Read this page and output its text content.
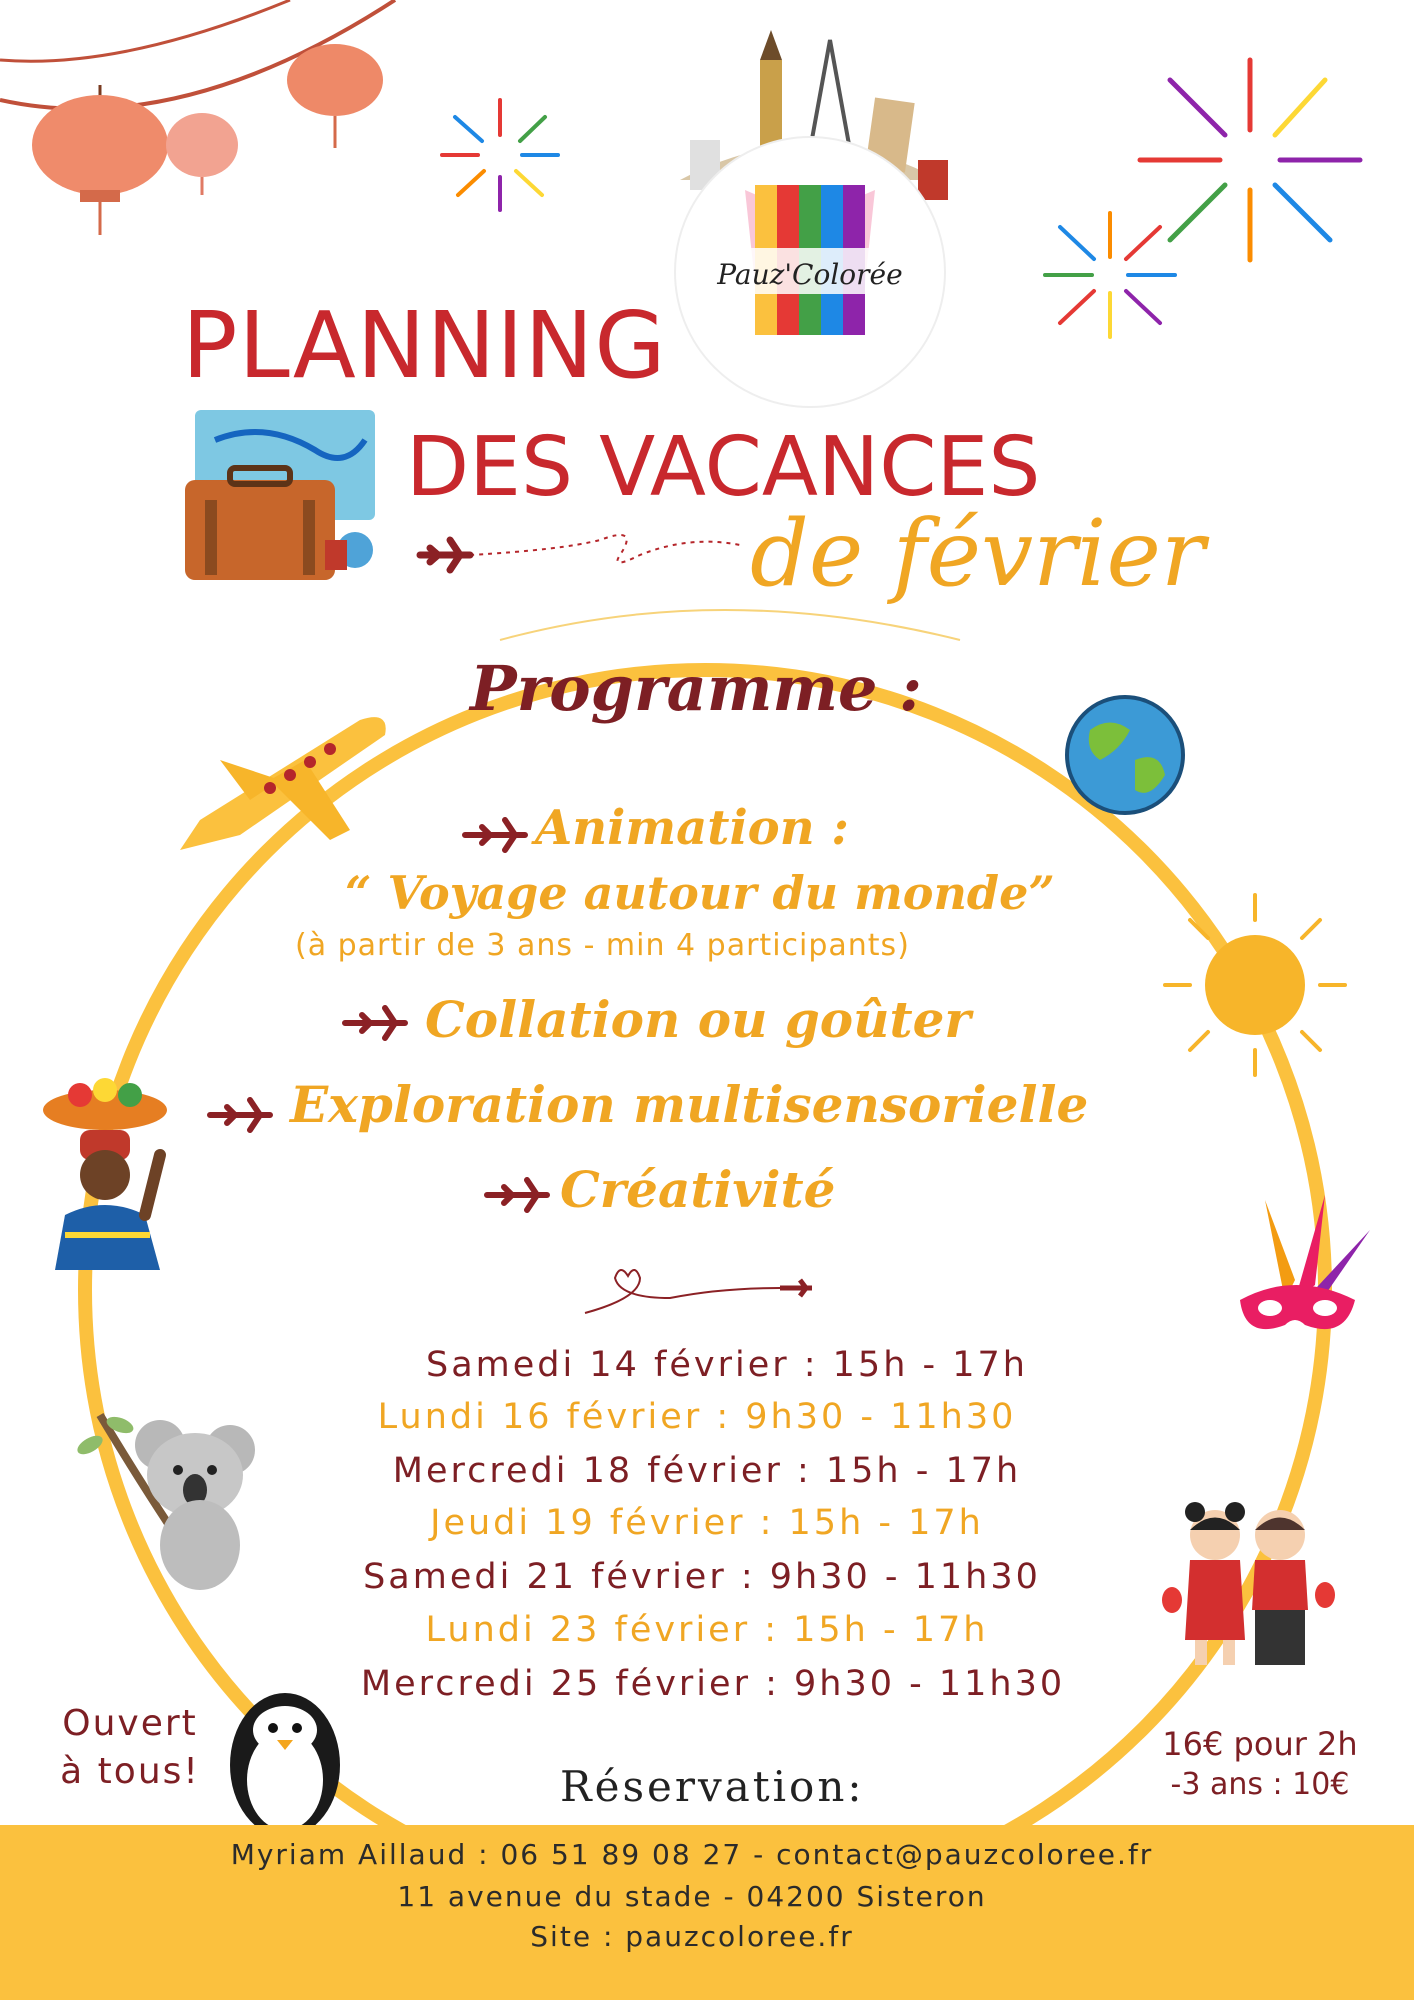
Pauz'Colorée
PLANNING
DES VACANCES
de février
Programme :
Animation :
“ Voyage autour du monde”
(à partir de 3 ans - min 4 participants)
Collation ou goûter
Exploration multisensorielle
Créativité
Samedi 14 février : 15h - 17h
Lundi 16 février : 9h30 - 11h30
Mercredi 18 février : 15h - 17h
Jeudi 19 février : 15h - 17h
Samedi 21 février : 9h30 - 11h30
Lundi 23 février : 15h - 17h
Mercredi 25 février : 9h30 - 11h30
Ouvert
à tous!
16€ pour 2h
-3 ans : 10€
Réservation:
Myriam Aillaud : 06 51 89 08 27 - contact@pauzcoloree.fr
11 avenue du stade - 04200 Sisteron
Site : pauzcoloree.fr
